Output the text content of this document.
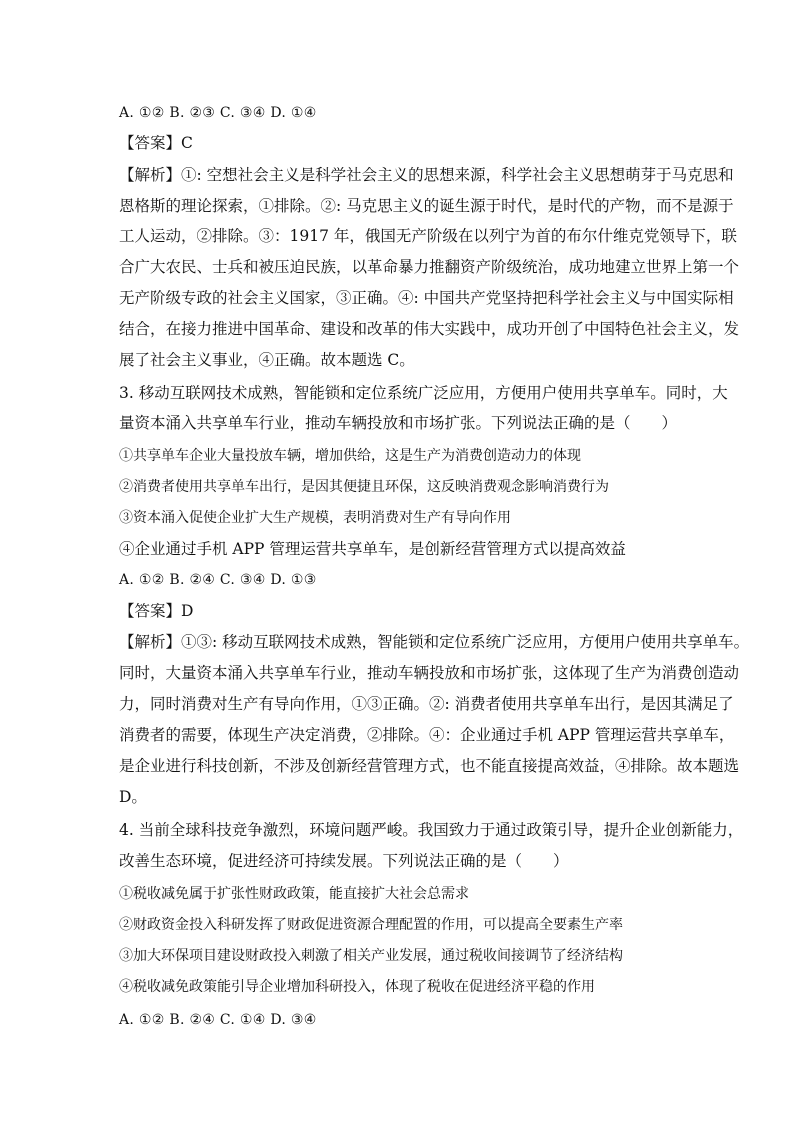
A. ①② B. ②③ C. ③④ D. ①④
【答案】C
【解析】①: 空想社会主义是科学社会主义的思想来源，科学社会主义思想萌芽于马克思和
恩格斯的理论探索，①排除。②: 马克思主义的诞生源于时代，是时代的产物，而不是源于
工人运动，②排除。③：1917 年，俄国无产阶级在以列宁为首的布尔什维克党领导下，联
合广大农民、士兵和被压迫民族，以革命暴力推翻资产阶级统治，成功地建立世界上第一个
无产阶级专政的社会主义国家，③正确。④: 中国共产党坚持把科学社会主义与中国实际相
结合，在接力推进中国革命、建设和改革的伟大实践中，成功开创了中国特色社会主义，发
展了社会主义事业，④正确。故本题选 C。
3. 移动互联网技术成熟，智能锁和定位系统广泛应用，方便用户使用共享单车。同时，大
量资本涌入共享单车行业，推动车辆投放和市场扩张。下列说法正确的是（　　）
①共享单车企业大量投放车辆，增加供给，这是生产为消费创造动力的体现
②消费者使用共享单车出行，是因其便捷且环保，这反映消费观念影响消费行为
③资本涌入促使企业扩大生产规模，表明消费对生产有导向作用
④企业通过手机 APP 管理运营共享单车，是创新经营管理方式以提高效益
A. ①② B. ②④ C. ③④ D. ①③
【答案】D
【解析】①③: 移动互联网技术成熟，智能锁和定位系统广泛应用，方便用户使用共享单车。
同时，大量资本涌入共享单车行业，推动车辆投放和市场扩张，这体现了生产为消费创造动
力，同时消费对生产有导向作用，①③正确。②: 消费者使用共享单车出行，是因其满足了
消费者的需要，体现生产决定消费，②排除。④：企业通过手机 APP 管理运营共享单车，
是企业进行科技创新，不涉及创新经营管理方式，也不能直接提高效益，④排除。故本题选
D。
4. 当前全球科技竞争激烈，环境问题严峻。我国致力于通过政策引导，提升企业创新能力，
改善生态环境，促进经济可持续发展。下列说法正确的是（　　）
①税收减免属于扩张性财政政策，能直接扩大社会总需求
②财政资金投入科研发挥了财政促进资源合理配置的作用，可以提高全要素生产率
③加大环保项目建设财政投入刺激了相关产业发展，通过税收间接调节了经济结构
④税收减免政策能引导企业增加科研投入，体现了税收在促进经济平稳的作用
A. ①② B. ②④ C. ①④ D. ③④
